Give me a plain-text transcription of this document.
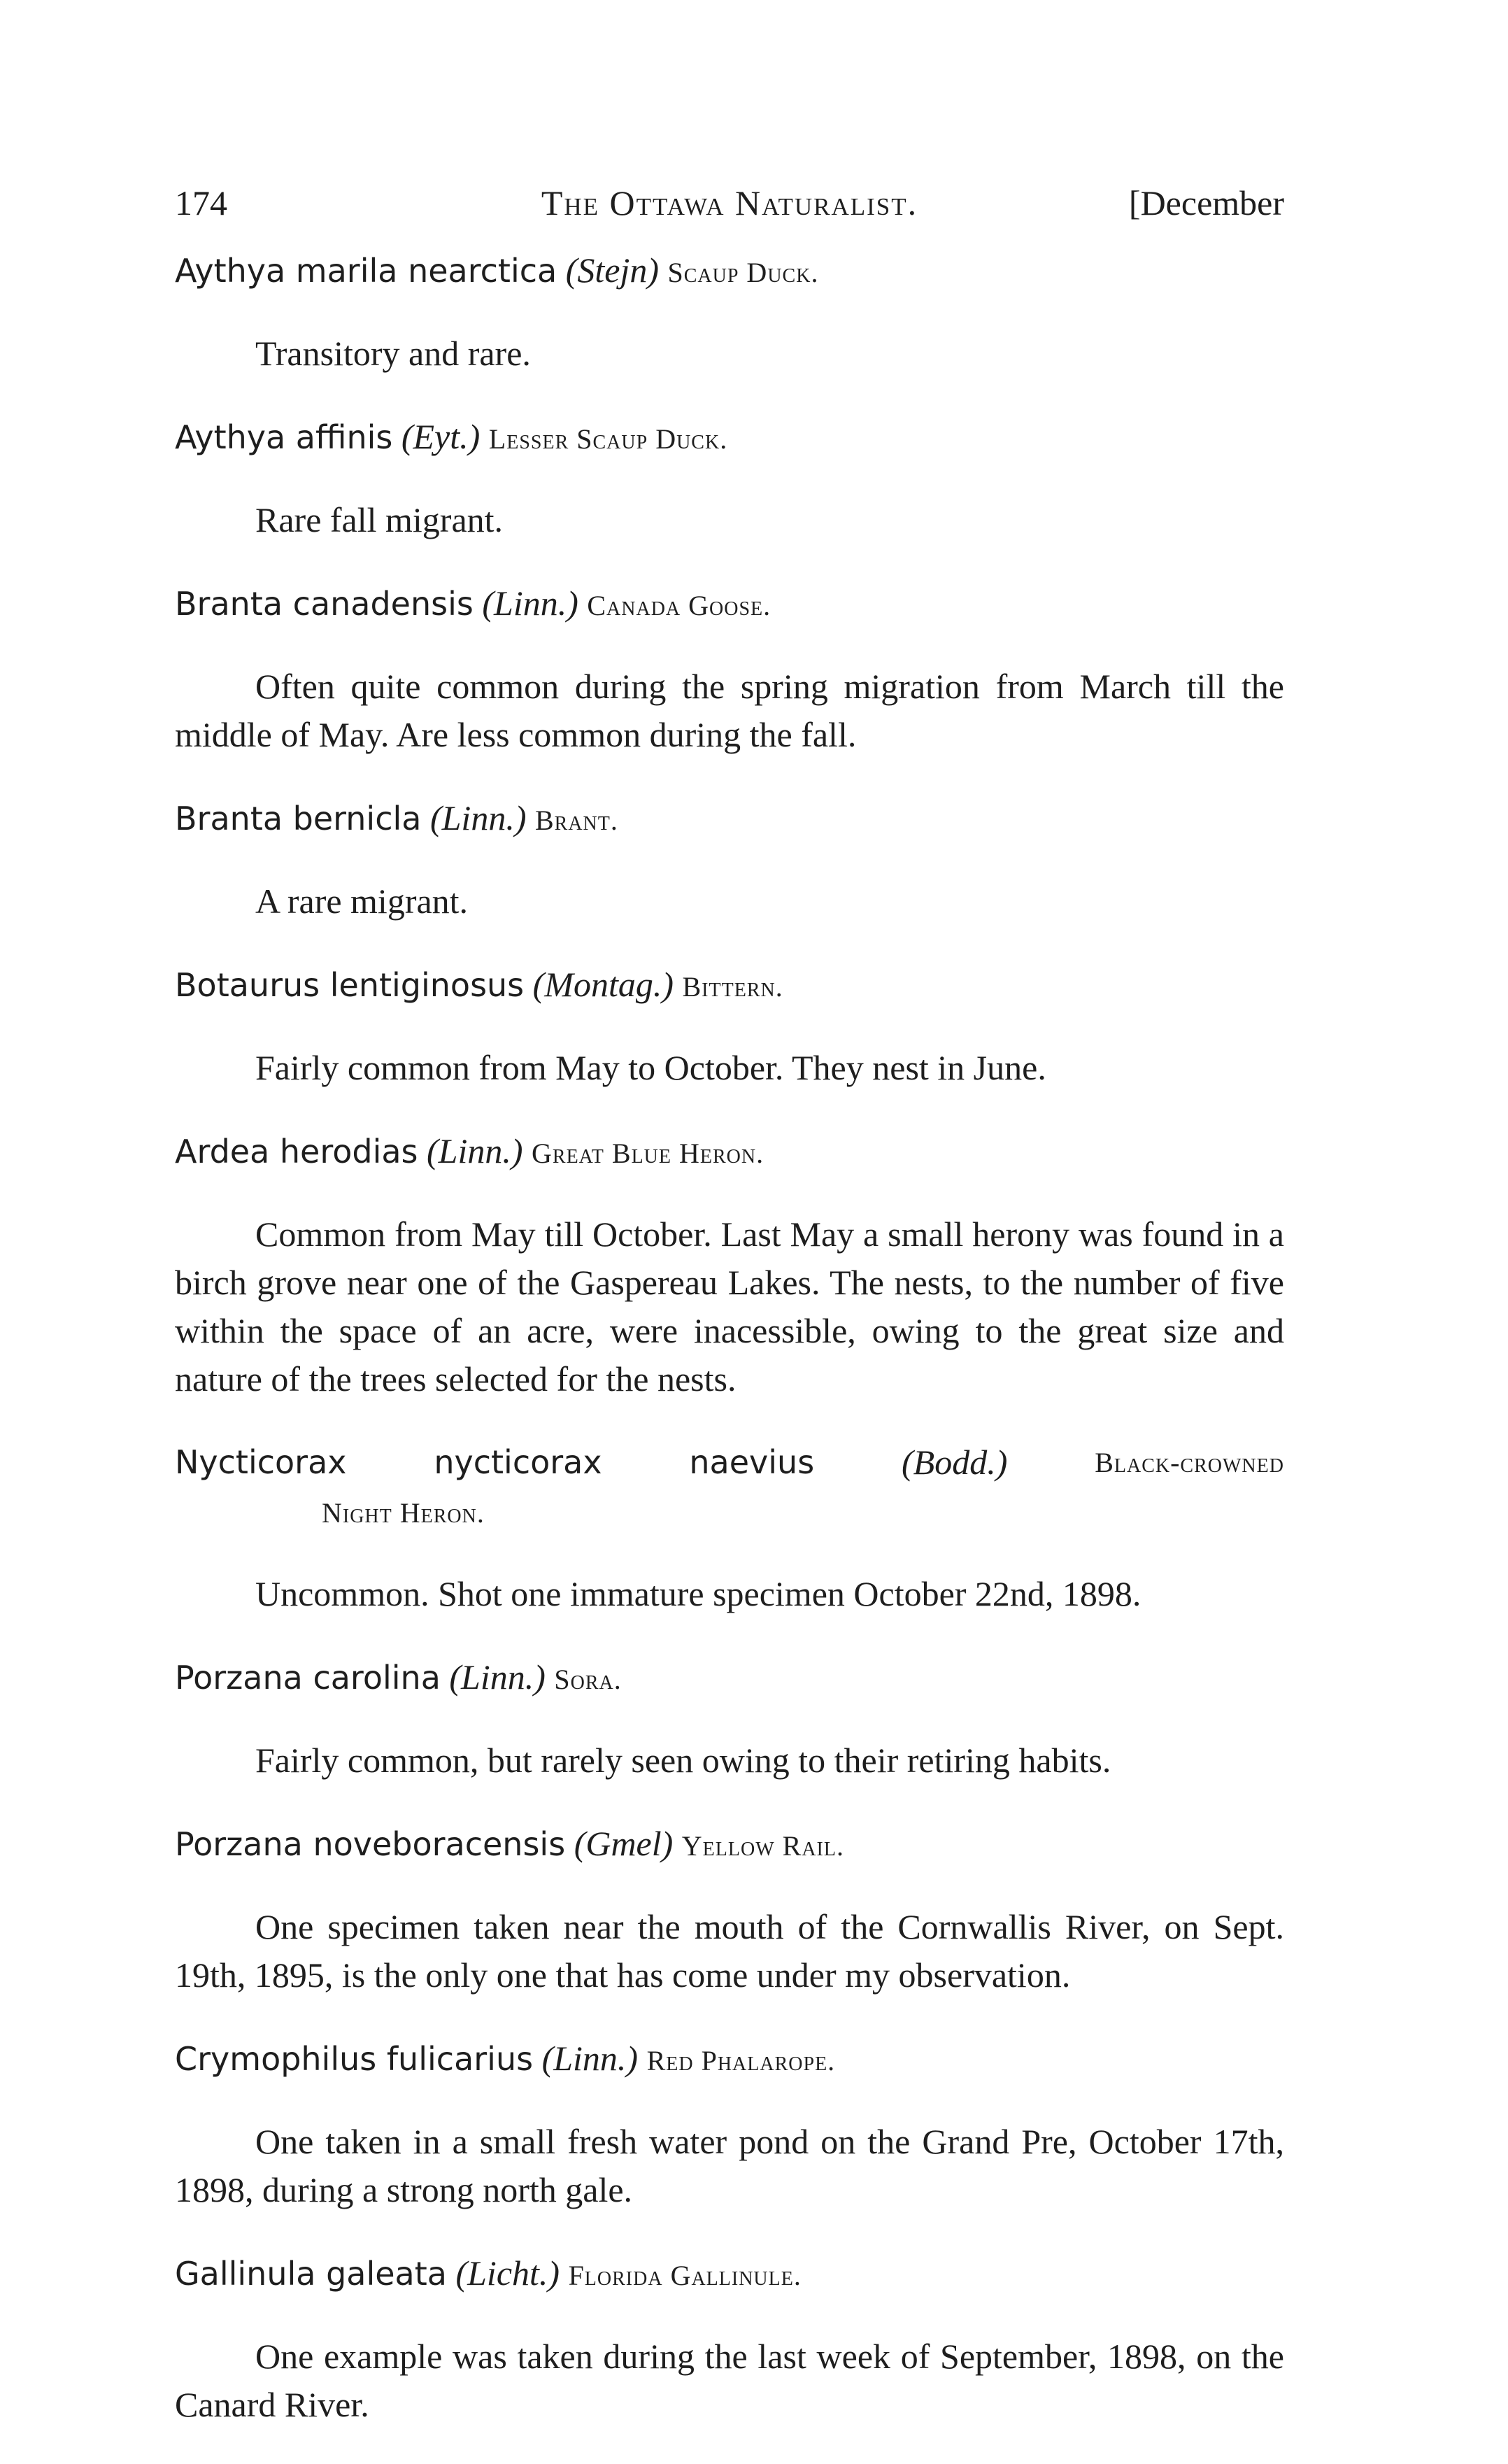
174	The Ottawa Naturalist.	[December
Aythya marila nearctica (Stejn) Scaup Duck.

Transitory and rare.

Aythya affinis (Eyt.) Lesser Scaup Duck.

Rare fall migrant.

Branta canadensis (Linn.) Canada Goose.

Often quite common during the spring migration from March till the middle of May. Are less common during the fall.

Branta bernicla (Linn.) Brant.

A rare migrant.

Botaurus lentiginosus (Montag.) Bittern.

Fairly common from May to October. They nest in June.

Ardea herodias (Linn.) Great Blue Heron.

Common from May till October. Last May a small herony was found in a birch grove near one of the Gaspereau Lakes. The nests, to the number of five within the space of an acre, were inacessible, owing to the great size and nature of the trees selected for the nests.

Nycticorax	nycticorax	naevius (Bodd.)	Black-crowned
Night Heron.

Uncommon. Shot one immature specimen October 22nd, 1898.

Porzana carolina (Linn.) Sora.

Fairly common, but rarely seen owing to their retiring habits.

Porzana noveboracensis (Gmel) Yellow Rail.

One specimen taken near the mouth of the Cornwallis River, on Sept. 19th, 1895, is the only one that has come under my observation.

Crymophilus fulicarius (Linn.) Red Phalarope.

One taken in a small fresh water pond on the Grand Pre, October 17th, 1898, during a strong north gale.

Gallinula galeata (Licht.) Florida Gallinule.

One example was taken during the last week of September, 1898, on the Canard River.
